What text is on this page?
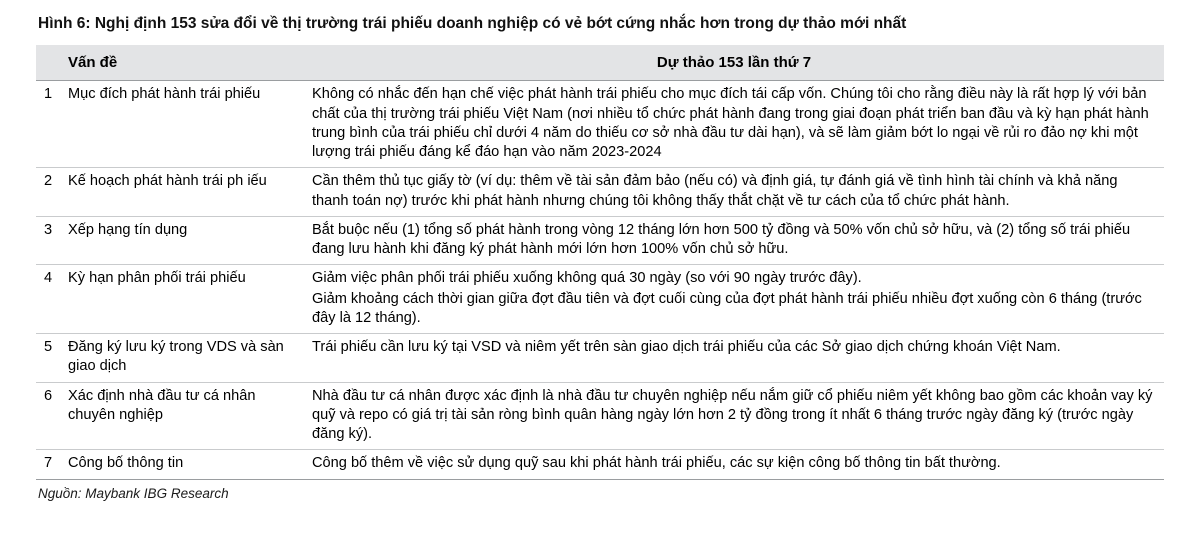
Hình 6: Nghị định 153 sửa đổi về thị trường trái phiếu doanh nghiệp có vẻ bớt cứng nhắc hơn trong dự thảo mới nhất
	Vấn đề	Dự thảo 153 lần thứ 7
1	Mục đích phát hành trái phiếu	Không có nhắc đến hạn chế việc phát hành trái phiếu cho mục đích tái cấp vốn. Chúng tôi cho rằng điều này là rất hợp lý với bản chất của thị trường trái phiếu Việt Nam (nơi nhiều tổ chức phát hành đang trong giai đoạn phát triển ban đầu và kỳ hạn phát hành trung bình của trái phiếu chỉ dưới 4 năm do thiếu cơ sở nhà đầu tư dài hạn), và sẽ làm giảm bớt lo ngại về rủi ro đảo nợ khi một lượng trái phiếu đáng kể đáo hạn vào năm 2023-2024

2	Kế hoạch phát hành trái ph iếu	Cần thêm thủ tục giấy tờ (ví dụ: thêm về tài sản đảm bảo (nếu có) và định giá, tự đánh giá về tình hình tài chính và khả năng thanh toán nợ) trước khi phát hành nhưng chúng tôi không thấy thắt chặt về tư cách của tổ chức phát hành.

3	Xếp hạng tín dụng	Bắt buộc nếu (1) tổng số phát hành trong vòng 12 tháng lớn hơn 500 tỷ đồng và 50% vốn chủ sở hữu, và (2) tổng số trái phiếu đang lưu hành khi đăng ký phát hành mới lớn hơn 100% vốn chủ sở hữu.

4	Kỳ hạn phân phối trái phiếu	Giảm việc phân phối trái phiếu xuống không quá 30 ngày (so với 90 ngày trước đây).
Giảm khoảng cách thời gian giữa đợt đầu tiên và đợt cuối cùng của đợt phát hành trái phiếu nhiều đợt xuống còn 6 tháng (trước đây là 12 tháng).

5	Đăng ký lưu ký trong VDS và sàn giao dịch	Trái phiếu cần lưu ký tại VSD và niêm yết trên sàn giao dịch trái phiếu của các Sở giao dịch chứng khoán Việt Nam.

6	Xác định nhà đầu tư cá nhân chuyên nghiệp	Nhà đầu tư cá nhân được xác định là nhà đầu tư chuyên nghiệp nếu nắm giữ cổ phiếu niêm yết không bao gồm các khoản vay ký quỹ và repo có giá trị tài sản ròng bình quân hàng ngày lớn hơn 2 tỷ đồng trong ít nhất 6 tháng trước ngày đăng ký (trước ngày đăng ký).

7	Công bố thông tin	Công bố thêm về việc sử dụng quỹ sau khi phát hành trái phiếu, các sự kiện công bố thông tin bất thường.
Nguồn: Maybank IBG Research
